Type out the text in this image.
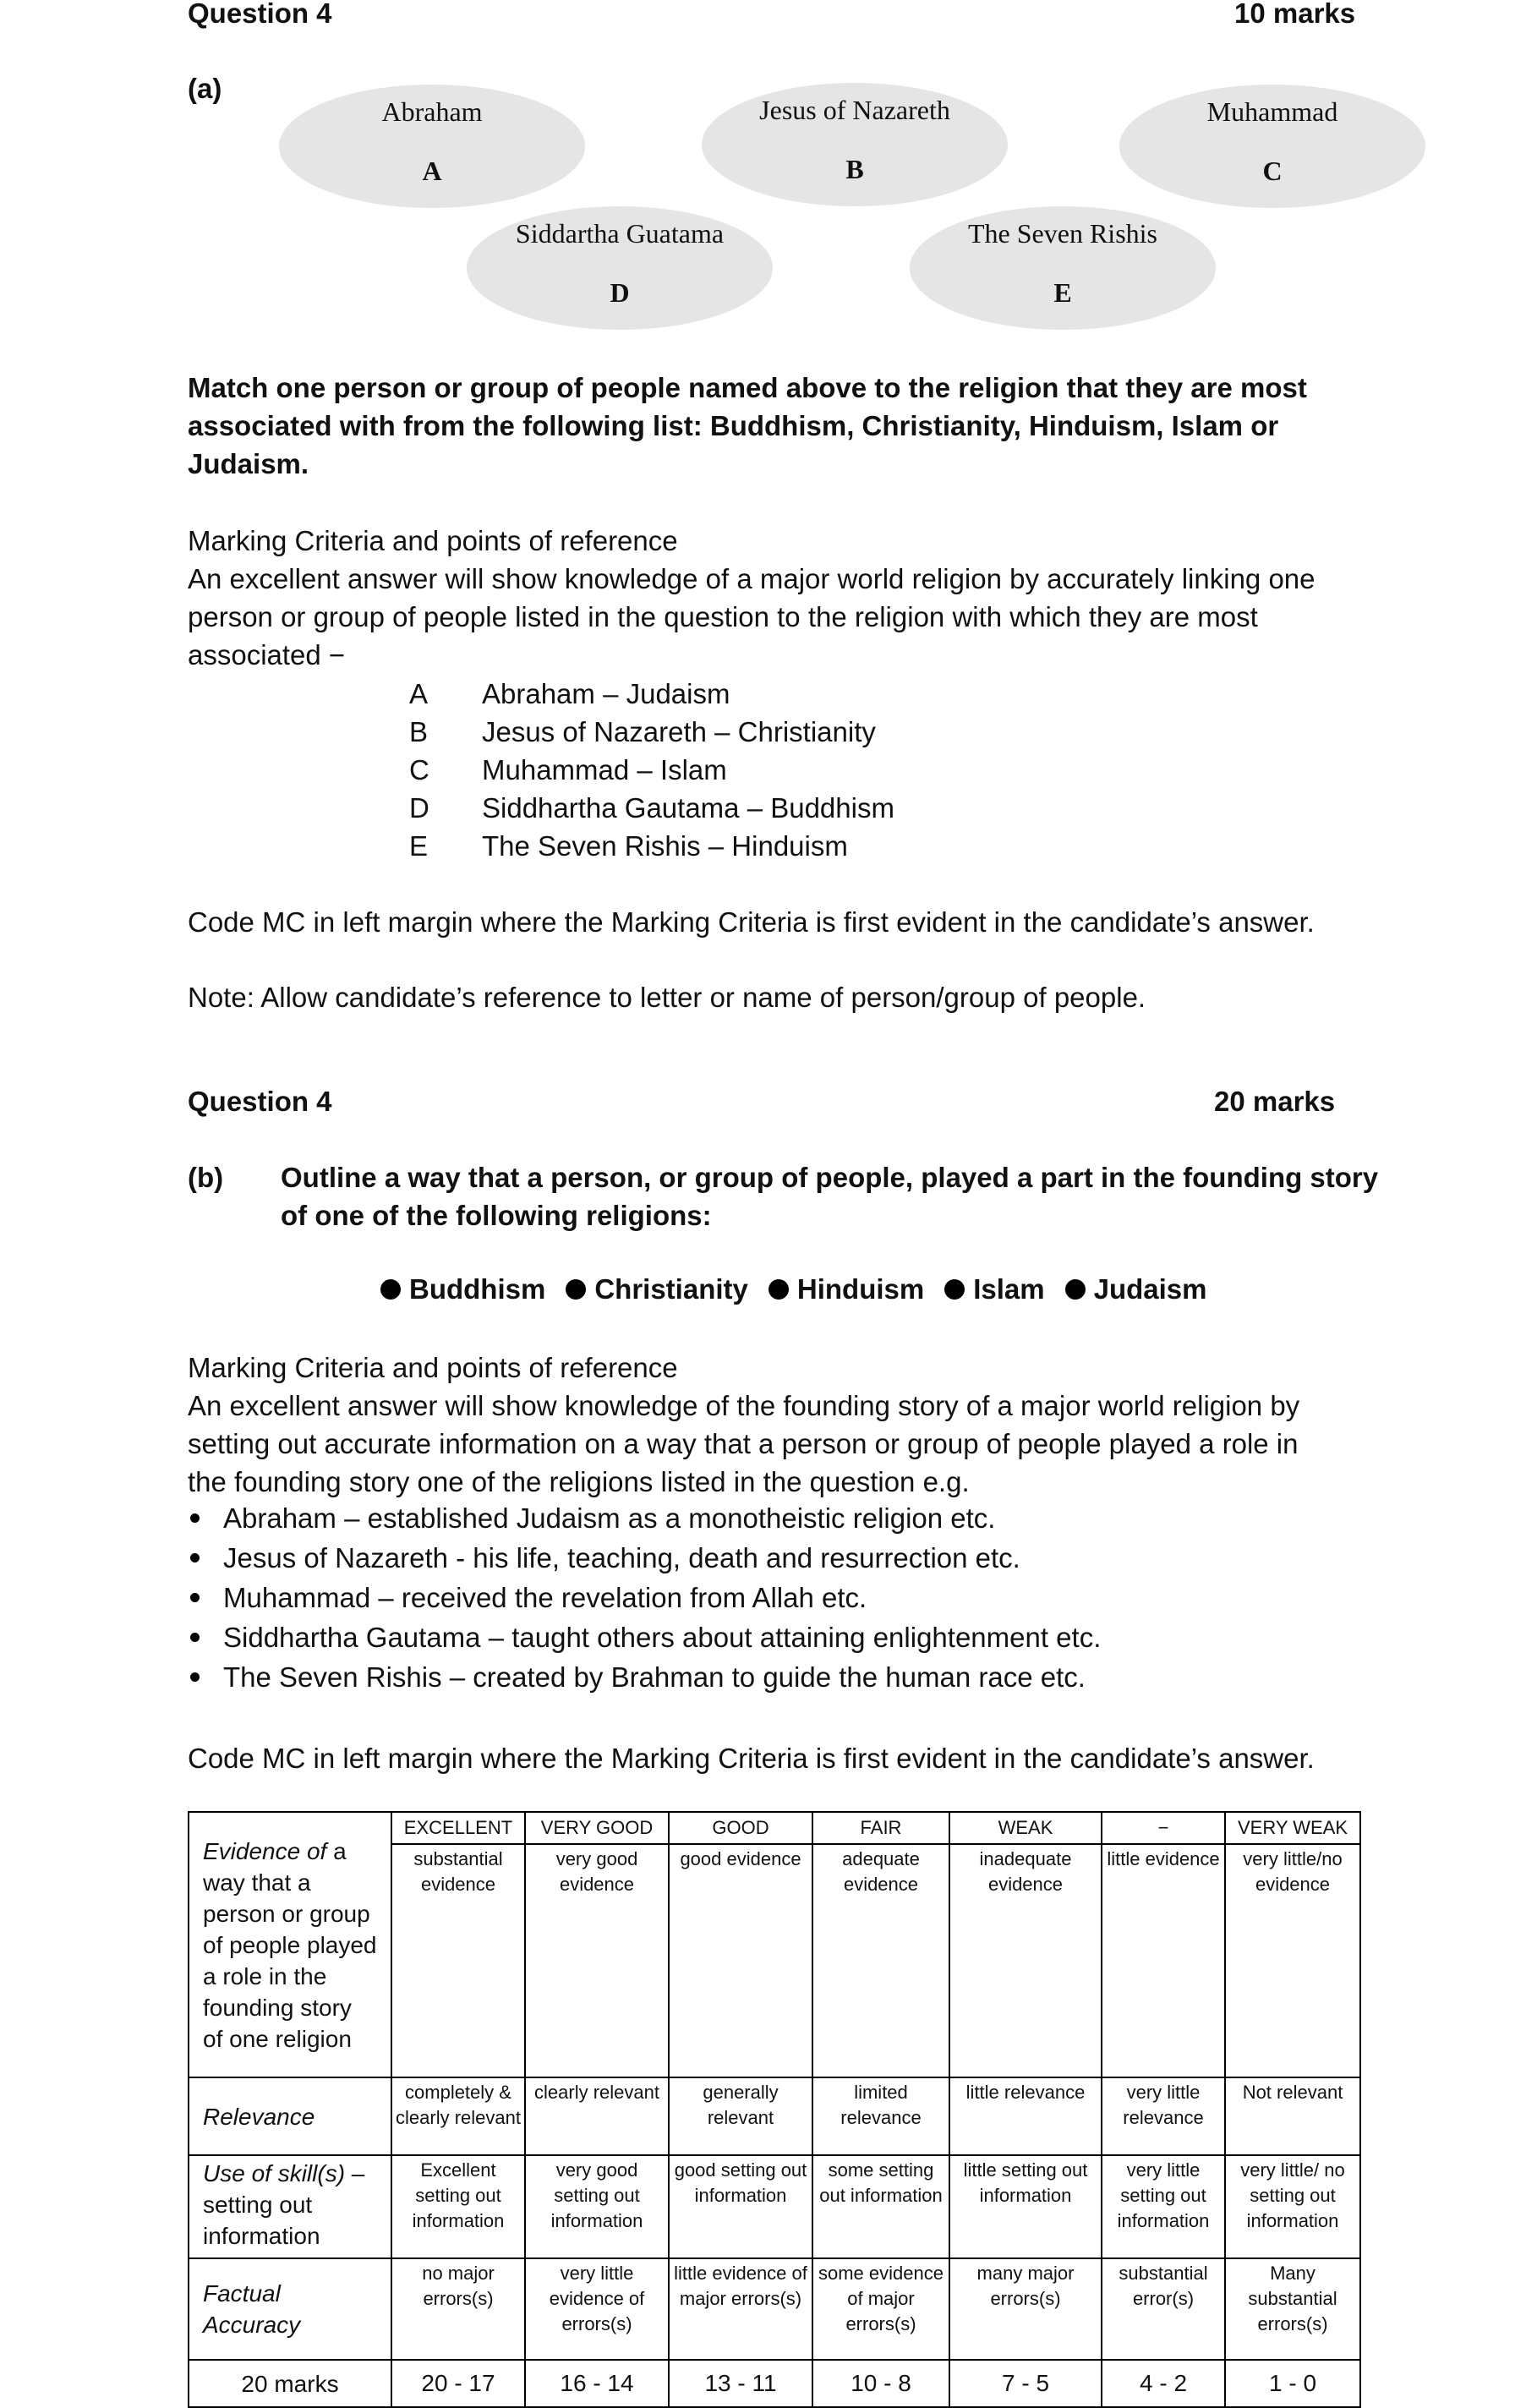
Question 4	10 marks
(a)
Abraham
A
Jesus of Nazareth
B
Muhammad
C
Siddartha Guatama
D
The Seven Rishis
E
Match one person or group of people named above to the religion that they are most
associated with from the following list: Buddhism, Christianity, Hinduism, Islam or
Judaism.
Marking Criteria and points of reference
An excellent answer will show knowledge of a major world religion by accurately linking one
person or group of people listed in the question to the religion with which they are most
associated −
A	Abraham – Judaism
B	Jesus of Nazareth – Christianity
C	Muhammad – Islam
D	Siddhartha Gautama – Buddhism
E	The Seven Rishis – Hinduism
Code MC in left margin where the Marking Criteria is first evident in the candidate’s answer.
Note: Allow candidate’s reference to letter or name of person/group of people.
Question 4	20 marks
(b) Outline a way that a person, or group of people, played a part in the founding story
of one of the following religions:
Buddhism Christianity Hinduism Islam Judaism
Marking Criteria and points of reference
An excellent answer will show knowledge of the founding story of a major world religion by
setting out accurate information on a way that a person or group of people played a role in
the founding story one of the religions listed in the question e.g.
Abraham – established Judaism as a monotheistic religion etc.
Jesus of Nazareth - his life, teaching, death and resurrection etc.
Muhammad – received the revelation from Allah etc.
Siddhartha Gautama – taught others about attaining enlightenment etc.
The Seven Rishis – created by Brahman to guide the human race etc.
Code MC in left margin where the Marking Criteria is first evident in the candidate’s answer.
Evidence of a way that a person or group of people played a role in the founding story of one religion	EXCELLENT	VERY GOOD	GOOD	FAIR	WEAK	−	VERY WEAK
	substantial evidence	very good evidence	good evidence	adequate evidence	inadequate evidence	little evidence	very little/no evidence
Relevance	completely & clearly relevant	clearly relevant	generally relevant	limited relevance	little relevance	very little relevance	Not relevant
Use of skill(s) – setting out information	Excellent setting out information	very good setting out information	good setting out information	some setting out information	little setting out information	very little setting out information	very little/ no setting out information
Factual Accuracy	no major errors(s)	very little evidence of errors(s)	little evidence of major errors(s)	some evidence of major errors(s)	many major errors(s)	substantial error(s)	Many substantial errors(s)
20 marks	20 - 17	16 - 14	13 - 11	10 - 8	7 - 5	4 - 2	1 - 0
